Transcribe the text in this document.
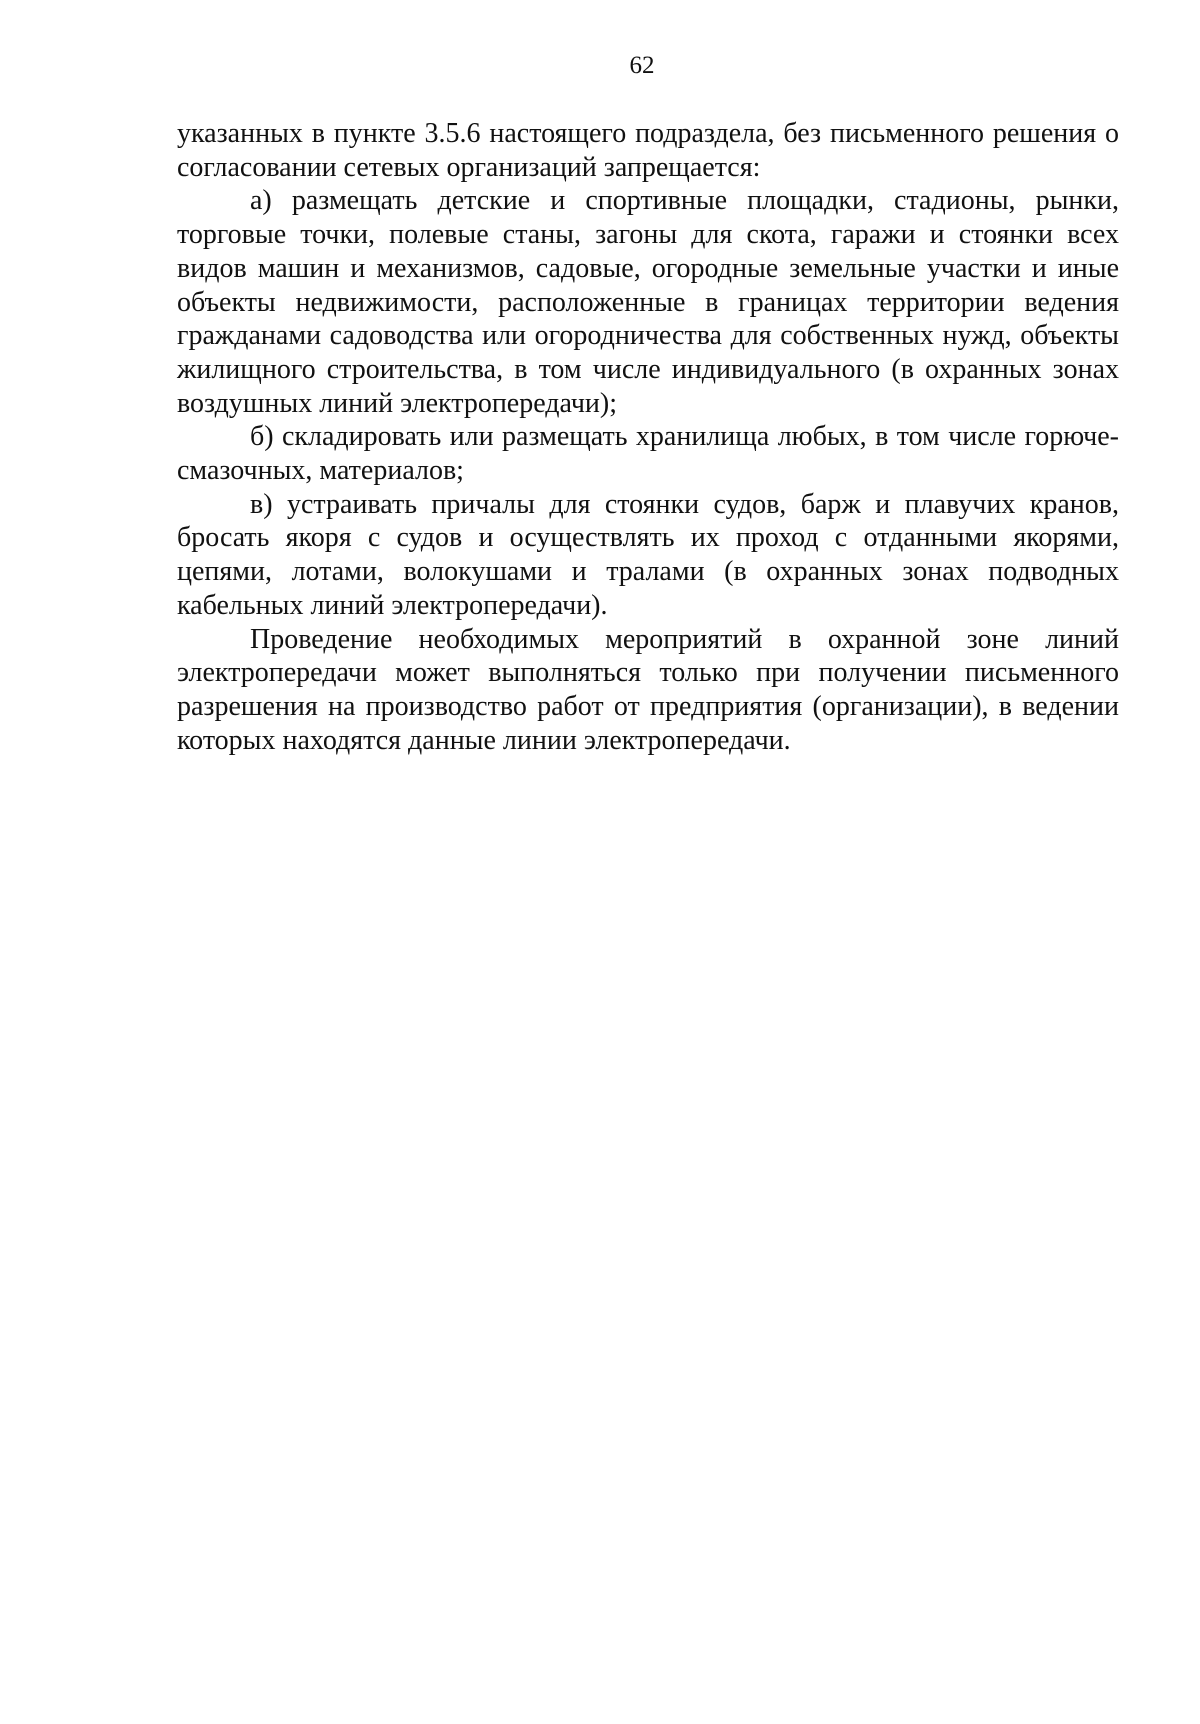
62

указанных в пункте 3.5.6 настоящего подраздела, без письменного решения о согласовании сетевых организаций запрещается:

а) размещать детские и спортивные площадки, стадионы, рынки, торговые точки, полевые станы, загоны для скота, гаражи и стоянки всех видов машин и механизмов, садовые, огородные земельные участки и иные объекты недвижимости, расположенные в границах территории ведения гражданами садоводства или огородничества для собственных нужд, объекты жилищного строительства, в том числе индивидуального (в охранных зонах воздушных линий электропередачи);

б) складировать или размещать хранилища любых, в том числе горюче-смазочных, материалов;

в) устраивать причалы для стоянки судов, барж и плавучих кранов, бросать якоря с судов и осуществлять их проход с отданными якорями, цепями, лотами, волокушами и тралами (в охранных зонах подводных кабельных линий электропередачи).

Проведение необходимых мероприятий в охранной зоне линий электропередачи может выполняться только при получении письменного разрешения на производство работ от предприятия (организации), в ведении которых находятся данные линии электропередачи.
